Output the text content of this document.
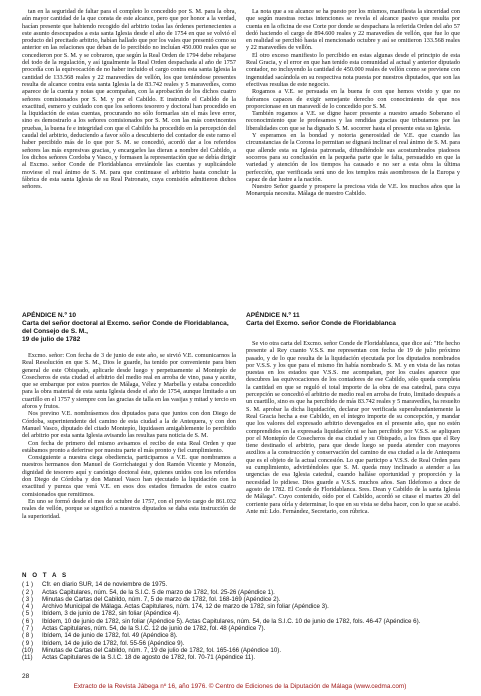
tan en la seguridad de faltar para el completo lo concedido por S. M. para la obra, aún mayor cantidad de la que consta de este alcance, pero que por honor a la verdad, hacían presente que habiendo recogido del arbitrio todas las órdenes pertenecientes a este asunto desocupados a esta santa Iglesia desde el año de 1754 en que se volvió el producto del precitado arbitrio, habían hallado que por los vales que presentó como su anterior en las relaciones que deban de lo percibido no incluían 450.000 reales que se concedieron por S. M. y se cobraron, que según la Real Orden de 1794 debe rebajarse del todo de la regulación, y así igualmente la Real Orden despachada al año de 1757 procedía con la equivocación de no haber incluido el cargo contra esta santa Iglesia la cantidad de 133.568 reales y 22 maravedíes de vellón, los que teniéndose presentes resulta de alcance contra esta santa Iglesia la de 83.742 reales y 5 maravedíes, como aparece de la cuenta y notas que acompañan, con la aprobación de los dichos cuatro señores comisionados por S. M. y por el Cabildo. E instruido el Cabildo de la exactitud, esmero y cuidado con que los señores tesorero y doctoral han procedido en la liquidación de estas cuentas, procurando no sólo formarlas sin el más leve error, sino es demostrarlo a los señores comisionados por S. M. con las más convincentes pruebas, la buena fe e integridad con que el Cabildo ha procedido en la percepción del caudal del arbitrio, deduciendo a favor sólo a descubierto del contador de este ramo el haber percibido más de lo que por S. M. se concedió, acordó dar a los referidos señores las más expresivas gracias, y encargarles las dieran a nombre del Cabildo, a los dichos señores Cordoba y Vasco, y formasen la representación que se debía dirigir al Excmo. señor Conde de Floridablanca enviándole las cuentas y suplicándole moviese el real ánimo de S. M. para que continuase el arbitrio hasta concluir la fábrica de esta santa Iglesia de su Real Patronato, cuya comisión admitieron dichos señores.

La nota que a su alcance se ha puesto por los mismos, manifiesta la sinceridad con que según nuestras rectas intenciones se revela el alcance pasivo que resulta por cuenta en la oficina de ese Corte por donde se despachara la referida Orden del año 57 dedó haciendo el cargo de 894.600 reales y 22 maravedíes de vellón, que fue lo que en realidad se percibió hasta el mencionado octubre y así se omitieron 133.568 reales y 22 maravedíes de vellón.

El otro exceso manifiesto lo percibido en estas algunas desde el principio de esta Real Gracia, y el error en que han tenido esta comunidad al actual y anterior diputado contador, no incluyendo la cantidad de 450.000 reales de vellón como se previene con ingenuidad sacándola en su respectiva nota puesta por nuestros diputados, que son las efectivas resultas de este negocio.

Rogamos a V.E. se persuada en la buena fe con que hemos vivido y que no fuéramos capaces de exigir semejante derecho con conocimiento de que nos proporcionase en un maravedí de lo concedido por S. M.

También rogamos a V.E. se digne hacer presente a nuestro amado Soberano el reconocimiento que le profesamos y las rendidas gracias que tributamos por las liberalidades con que se ha dignado S. M. socorrer hasta el presente esta su Iglesia.

Y esperamos en la bondad y notoria generosidad de V.E. que cuando las circunstancias de la Corona lo permitan se dignará inclinar el real ánimo de S. M. para que allende esta su Iglesia patronada, difundiéndole sus acostumbrados piadosos socorros para su conclusión en la pequeña parte que le falta, persuadido en que la variedad y atención de los tiempos ha causado e no ser a esta obra la última perfección, que verificada será uno de los templos más asombrosos de la Europa y capaz de dar lustre a la nación.

Nuestro Señor guarde y prospere la preciosa vida de V.E. los muchos años que la Monarquía necesita. Málaga de nuestro Cabildo.

APÉNDICE N.º 10
Carta del señor doctoral al Excmo. señor Conde de Floridablanca, del Consejo de S. M.,
19 de julio de 1782
APÉNDICE N.º 11
Carta del Excmo. señor Conde de Floridablanca

Excmo. señor: Con fecha de 3 de junio de este año, se sirvió V.E. comunicarnos la Real Resolución en que S. M., Dios le guarde, ha tenido por conveniente para bien general de este Obispado, aplicarle desde luego y perpetuamente al Montepío de Cosecheros de esta ciudad el arbitrio del medio real en arroba de vino, pasa y aceite, que se embarque por estos puertos de Málaga, Vélez y Marbella y estaba concedido para la obra material de esta santa Iglesia desde el año de 1754, aunque limitado a un cuartillo en el 1757 y siempre con las gracias de talla en las vasijas y mitad y tercio en aforos y frutos.

Nos previno V.E. nombrásemos dos diputados para que juntos con don Diego de Córdoba, superintendente del camino de esta ciudad a la de Antequera, y con don Manuel Vasco, diputado del citado Montepío, liquidasen amigablemente lo percibido del arbitrio por esta santa Iglesia avisando las resultas para noticia de S. M.

Con fecha de primero del mismo avisamos el recibo de esta Real Orden y que estábamos pronto a deferirse por nuestra parte el más pronto y fiel cumplimiento.

Consiguiente a nuestra ciega obediencia, participamos a V.E. que nombramos a nuestros hermanos don Manuel de Gorrichategui y don Ramón Vicente y Monzón, dignidad de tesorero aquí y canónigo doctoral éste, quienes unidos con los referidos don Diego de Córdoba y don Manuel Vasco han ejecutado la liquidación con la exactitud y pureza que verá V.E. en esos dos estados firmados de estos cuatro comisionados que remitimos.

En uno se formó desde el mes de octubre de 1757, con el previo cargo de 861.032 reales de vellón, porque se significó a nuestros diputados se daba esta instrucción de la superioridad.

Se vio otra carta del Excmo. señor Conde de Floridablanca, que dice así: "He hecho presente al Rey cuanto V.S.S. me representan con fecha de 19 de julio próximo pasado, y de lo que resulta de la liquidación ejecutada por los diputados nombrados por V.S.S. y los que para el mismo fin había nombrado S. M. y en vista de las notas puestas en los estados que V.S.S. me acompañan, por los cuales aparece que descubres las equivocaciones de los contadores de ese Cabildo, sólo queda completa la cantidad en que se reguló el total importe de la obra de esa catedral, para cuya percepción se concedió el arbitrio de medio real en arroba de fruto, limitado después a un cuartillo, sino es que ha percibido de más 83.742 reales y 5 maravedíes, ha resuelto S. M. aprobar la dicha liquidación, declarar por verificada superabundantemente la Real Gracia hecha a ese Cabildo, en el íntegro importe de su concepción, y mandar que los valores del expresado arbitrio devengados en el presente año, que no estén comprendidos en la expresada liquidación ni se han percibido por V.S.S. se apliquen por el Montepío de Cosecheros de esa ciudad y su Obispado, a los fines que el Rey tiene destinado el arbitrio, para que desde luego se pueda atender con mayores auxilios a la construcción y conservación del camino de esa ciudad a la de Antequera que es el objeto de la actual concesión. Lo que participo a V.S.S. de Real Orden para su cumplimiento, advirtiéndoles que S. M. queda muy inclinado a atender a las urgencias de esa Iglesia catedral, cuando halláse oportunidad y proporción y la necesidad lo pidiese. Dios guarde a V.S.S. muchos años. San Ildefonso a doce de agosto de 1782. El Conde de Floridablanca. Sres. Dean y Cabildo de la santa Iglesia de Málaga". Cuyo contenido, oído por el Cabildo, acordó se citase el martes 20 del corriente para oírla y determinar, lo que en su vista se deba hacer, con lo que se acabó. Ante mí: Ldo. Fernández, Secretario, con rúbrica.

N O T A S
( 1 )	Cfr. en diario SUR, 14 de noviembre de 1975.
( 2 )	Actas Capitulares, núm. 54, de la S.I.C. 5 de marzo de 1782, fol. 25-26 (Apéndice 1).
( 3 )	Minutas de Cartas del Cabildo, núm. 7, 5 de marzo de 1782, fol. 168-169 (Apéndice 2).
( 4 )	Archivo Municipal de Málaga. Actas Capitulares, núm. 174, 12 de marzo de 1782, sin foliar (Apéndice 3).
( 5 )	Ibídem, 3 de junio de 1782, sin foliar (Apéndice 4).
( 6 )	Ibídem, 10 de junio de 1782, sin foliar (Apéndice 5). Actas Capitulares, núm. 54, de la S.I.C. 10 de junio de 1782, fols. 46-47 (Apéndice 6).
( 7 )	Actas Capitulares, núm. 54, de la S.I.C. 12 de junio de 1782, fol. 48 (Apéndice 7).
( 8 )	Ibídem, 14 de junio de 1782, fol. 49 (Apéndice 8).
( 9 )	Ibídem, 14 de julio de 1782, fol. 55-56 (Apéndice 9).
(10)	Minutas de Cartas del Cabildo, núm. 7, 19 de julio de 1782, fol. 165-166 (Apéndice 10).
(11)	Actas Capitulares de la S.I.C. 18 de agosto de 1782, fol. 70-71 (Apéndice 11).
28
Extracto de la Revista Jábega nº 16, año 1976. © Centro de Ediciones de la Diputación de Málaga (www.cedma.com)
